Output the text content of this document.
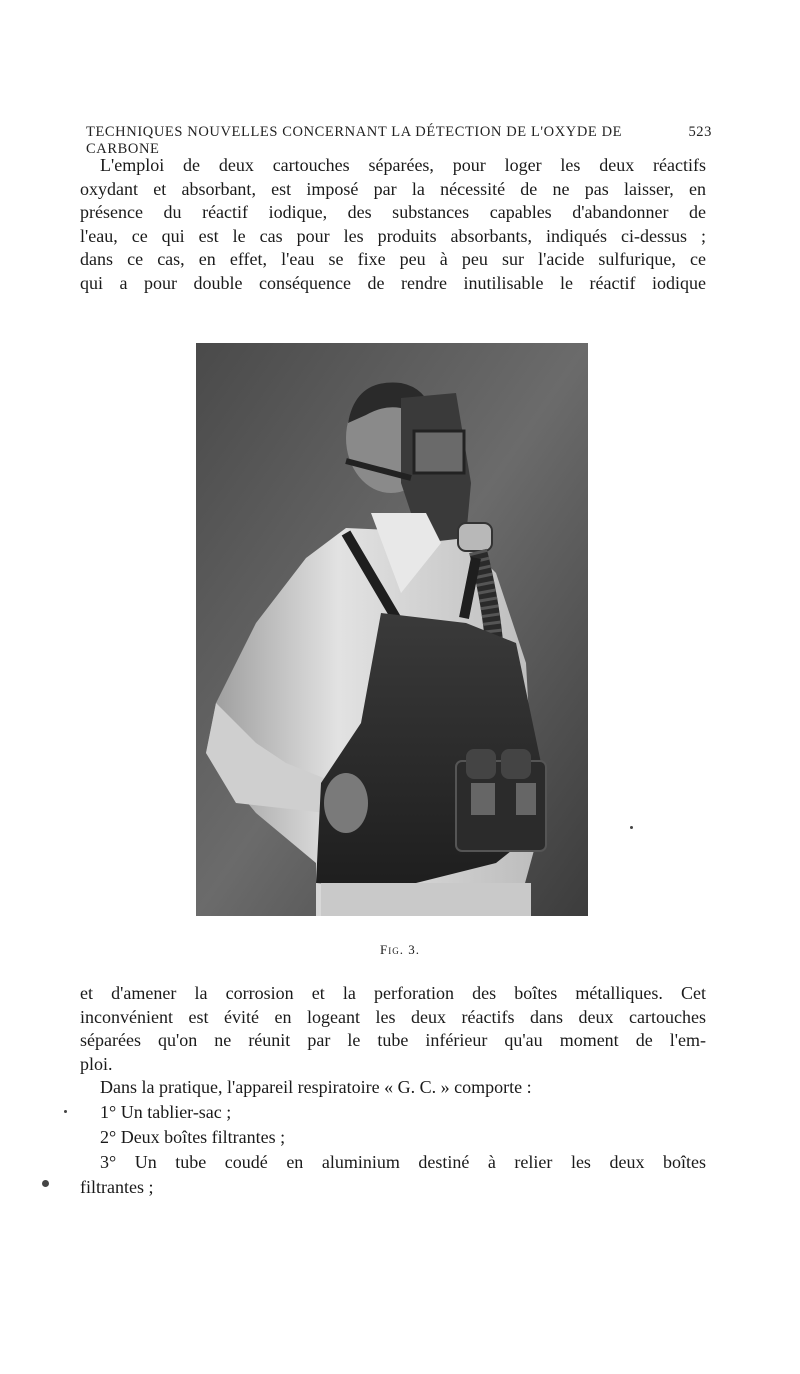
TECHNIQUES NOUVELLES CONCERNANT LA DÉTECTION DE L'OXYDE DE CARBONE
523

L'emploi de deux cartouches séparées, pour loger les deux réactifs
oxydant et absorbant, est imposé par la nécessité de ne pas laisser, en
présence du réactif iodique, des substances capables d'abandonner de
l'eau, ce qui est le cas pour les produits absorbants, indiqués ci-dessus ;
dans ce cas, en effet, l'eau se fixe peu à peu sur l'acide sulfurique, ce
qui a pour double conséquence de rendre inutilisable le réactif iodique

Fig. 3.

et d'amener la corrosion et la perforation des boîtes métalliques. Cet
inconvénient est évité en logeant les deux réactifs dans deux cartouches
séparées qu'on ne réunit par le tube inférieur qu'au moment de l'em-
ploi.

Dans la pratique, l'appareil respiratoire « G. C. » comporte :
1° Un tablier-sac ;
2° Deux boîtes filtrantes ;
3° Un tube coudé en aluminium destiné à relier les deux boîtes
filtrantes ;
